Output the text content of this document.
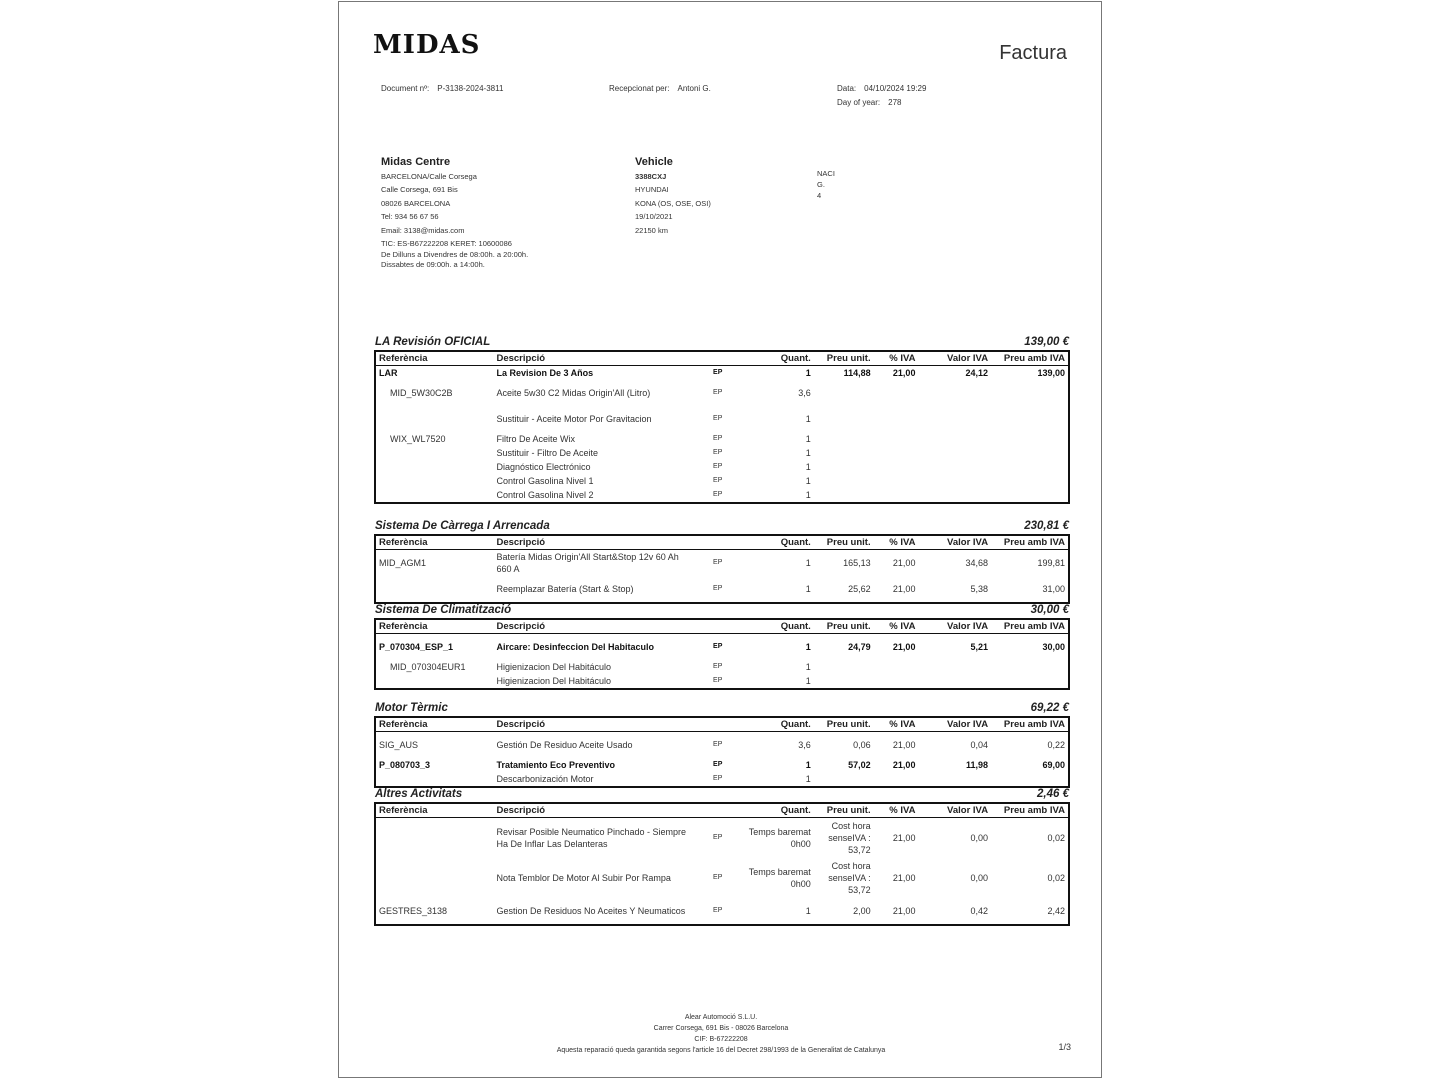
MIDAS	Factura
Document nº: P-3138-2024-3811	Recepcionat per: Antoni G.	Data: 04/10/2024 19:29
Day of year: 278
Midas Centre
BARCELONA/Calle Corsega
Calle Corsega, 691 Bis
08026 BARCELONA
Tel: 934 56 67 56
Email: 3138@midas.com
TIC: ES-B67222208 KERET: 10600086
De Dilluns a Divendres de 08:00h. a 20:00h.
Dissabtes de 09:00h. a 14:00h.
Vehicle
3388CXJ
HYUNDAI
KONA (OS, OSE, OSI)
19/10/2021
22150 km
NACI
G.
4
LA Revisión OFICIAL	139,00 €
Referència	Descripció		Quant.	Preu unit.	% IVA	Valor IVA	Preu amb IVA
LAR	La Revision De 3 Años	EP	1	114,88	21,00	24,12	139,00
MID_5W30C2B	Aceite 5w30 C2 Midas Origin'All (Litro)	EP	3,6				
	Sustituir - Aceite Motor Por Gravitacion	EP	1				
WIX_WL7520	Filtro De Aceite Wix	EP	1				
	Sustituir - Filtro De Aceite	EP	1				
	Diagnóstico Electrónico	EP	1				
	Control Gasolina Nivel 1	EP	1				
	Control Gasolina Nivel 2	EP	1				
Sistema De Càrrega I Arrencada	230,81 €
Referència	Descripció		Quant.	Preu unit.	% IVA	Valor IVA	Preu amb IVA
MID_AGM1	Batería Midas Origin'All Start&Stop 12v 60 Ah 660 A	EP	1	165,13	21,00	34,68	199,81
	Reemplazar Batería (Start & Stop)	EP	1	25,62	21,00	5,38	31,00
Sistema De Climatització	30,00 €
Referència	Descripció		Quant.	Preu unit.	% IVA	Valor IVA	Preu amb IVA
P_070304_ESP_1	Aircare: Desinfeccion Del Habitaculo	EP	1	24,79	21,00	5,21	30,00
MID_070304EUR1	Higienizacion Del Habitáculo	EP	1				
	Higienizacion Del Habitáculo	EP	1				
Motor Tèrmic	69,22 €
Referència	Descripció		Quant.	Preu unit.	% IVA	Valor IVA	Preu amb IVA
SIG_AUS	Gestión De Residuo Aceite Usado	EP	3,6	0,06	21,00	0,04	0,22
P_080703_3	Tratamiento Eco Preventivo	EP	1	57,02	21,00	11,98	69,00
	Descarbonización Motor	EP	1				
Altres Activitats	2,46 €
Referència	Descripció		Quant.	Preu unit.	% IVA	Valor IVA	Preu amb IVA
	Revisar Posible Neumatico Pinchado - Siempre Ha De Inflar Las Delanteras	EP	Temps baremat 0h00	Cost hora senseIVA : 53,72	21,00	0,00	0,02
	Nota Temblor De Motor Al Subir Por Rampa	EP	Temps baremat 0h00	Cost hora senseIVA : 53,72	21,00	0,00	0,02
GESTRES_3138	Gestion De Residuos No Aceites Y Neumaticos	EP	1	2,00	21,00	0,42	2,42
Alear Automoció S.L.U.
Carrer Corsega, 691 Bis - 08026 Barcelona
CIF: B-67222208
Aquesta reparació queda garantida segons l'article 16 del Decret 298/1993 de la Generalitat de Catalunya	1/3
